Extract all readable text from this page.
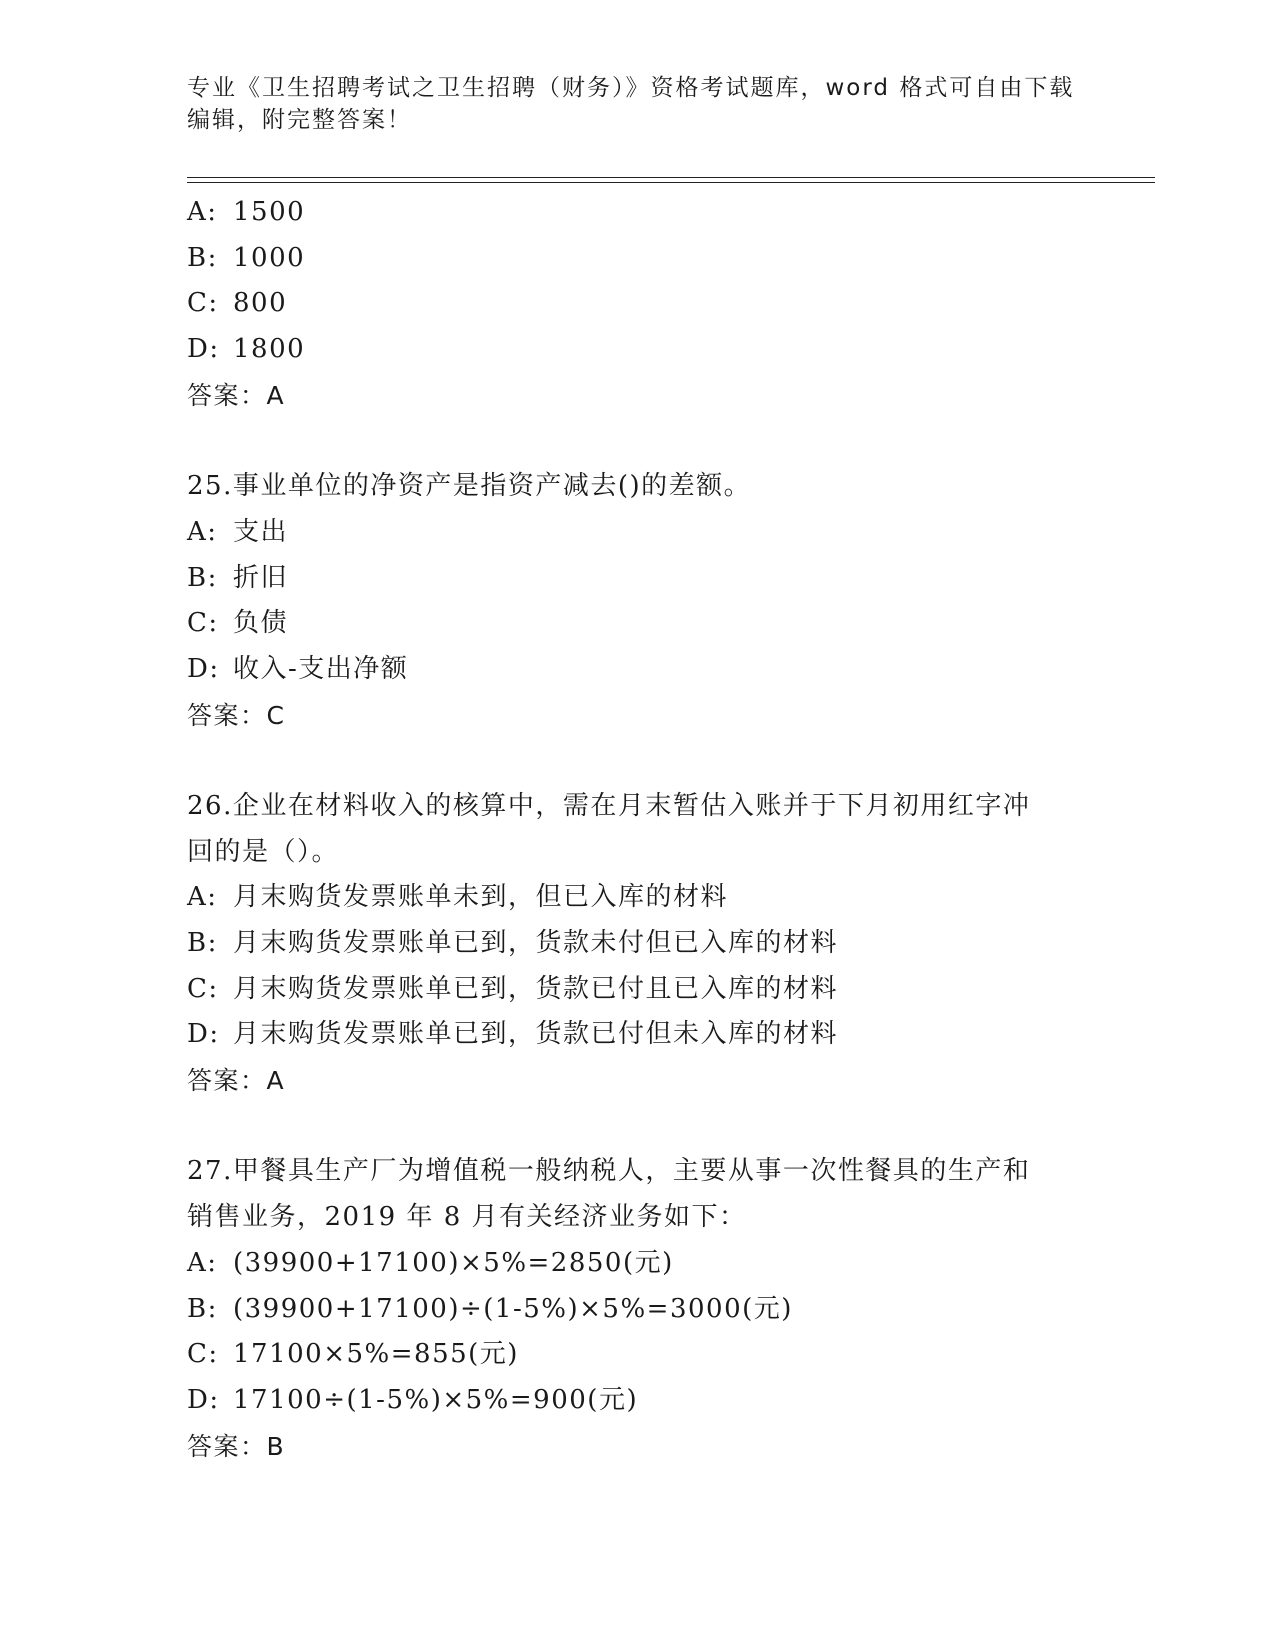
专业《卫生招聘考试之卫生招聘（财务）》资格考试题库，word 格式可自由下载
编辑，附完整答案！
A: 1500
B: 1000
C: 800
D: 1800
答案：A
25.事业单位的净资产是指资产减去()的差额。
A: 支出
B: 折旧
C: 负债
D: 收入-支出净额
答案：C
26.企业在材料收入的核算中，需在月末暂估入账并于下月初用红字冲
回的是（）。
A: 月末购货发票账单未到，但已入库的材料
B: 月末购货发票账单已到，货款未付但已入库的材料
C: 月末购货发票账单已到，货款已付且已入库的材料
D: 月末购货发票账单已到，货款已付但未入库的材料
答案：A
27.甲餐具生产厂为增值税一般纳税人，主要从事一次性餐具的生产和
销售业务，2019 年 8 月有关经济业务如下：
A: (39900+17100)×5%=2850(元)
B: (39900+17100)÷(1-5%)×5%=3000(元)
C: 17100×5%=855(元)
D: 17100÷(1-5%)×5%=900(元)
答案：B
